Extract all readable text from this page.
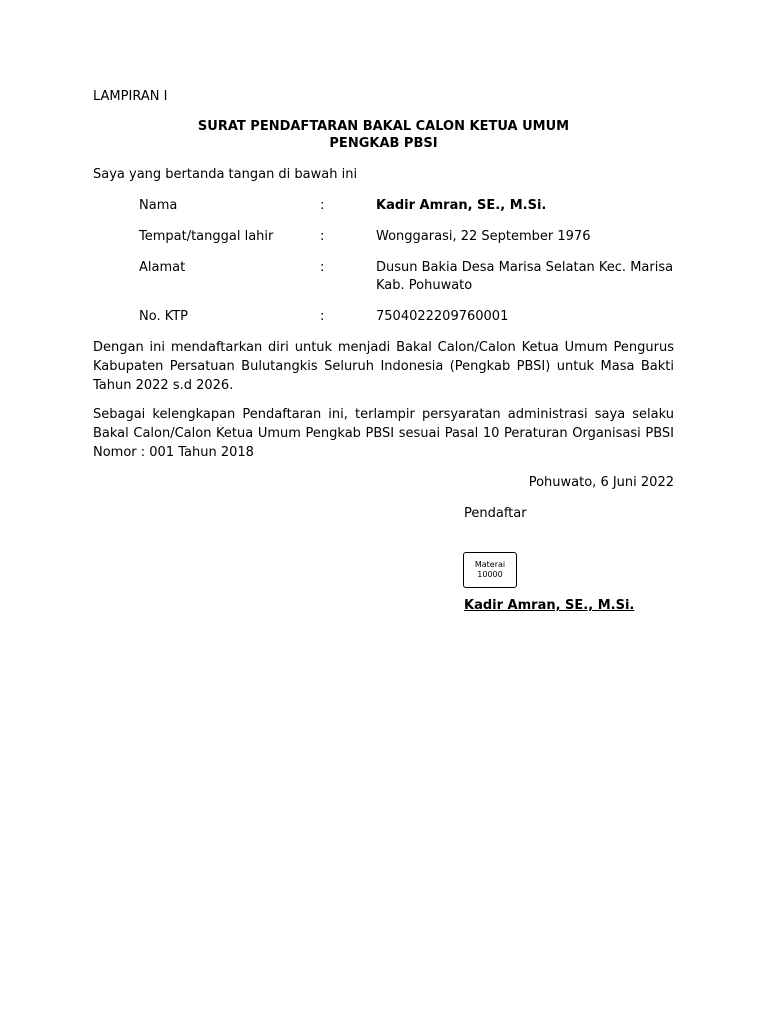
LAMPIRAN I
SURAT PENDAFTARAN BAKAL CALON KETUA UMUM
PENGKAB PBSI
Saya yang bertanda tangan di bawah ini
Nama	:	Kadir Amran, SE., M.Si.
Tempat/tanggal lahir	:	Wonggarasi, 22 September 1976
Alamat	:	Dusun Bakia Desa Marisa Selatan Kec. Marisa
Kab. Pohuwato
No. KTP	:	7504022209760001
Dengan ini mendaftarkan diri untuk menjadi Bakal Calon/Calon Ketua Umum Pengurus Kabupaten Persatuan Bulutangkis Seluruh Indonesia (Pengkab PBSI) untuk Masa Bakti Tahun 2022 s.d 2026.
Sebagai kelengkapan Pendaftaran ini, terlampir persyaratan administrasi saya selaku Bakal Calon/Calon Ketua Umum Pengkab PBSI sesuai Pasal 10 Peraturan Organisasi PBSI Nomor : 001 Tahun 2018
Pohuwato, 6 Juni 2022
Pendaftar
Materai
10000
Kadir Amran, SE., M.Si.
